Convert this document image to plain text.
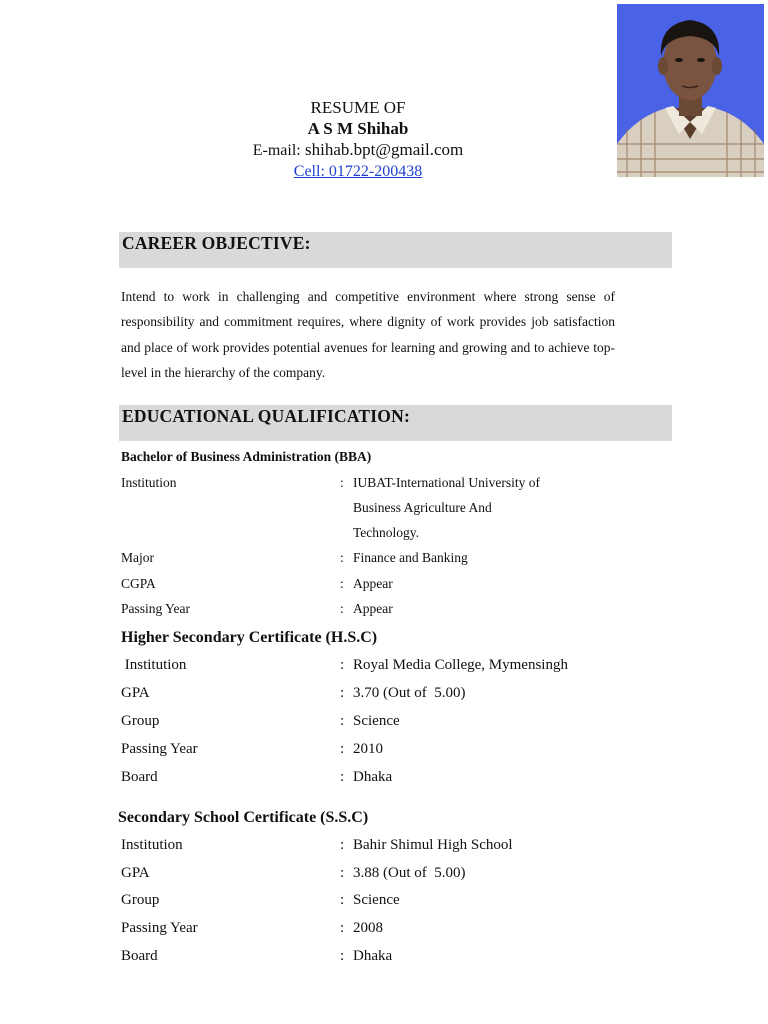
RESUME OF
A S M Shihab
E-mail: shihab.bpt@gmail.com
Cell: 01722-200438
CAREER OBJECTIVE:
Intend to work in challenging and competitive environment where strong sense of responsibility and commitment requires, where dignity of work provides job satisfaction and place of work provides potential avenues for learning and growing and to achieve top-level in the hierarchy of the company.
EDUCATIONAL QUALIFICATION:
Bachelor of Business Administration (BBA)
Institution	: IUBAT-International University of
Business Agriculture And
Technology.
Major	: Finance and Banking
CGPA	: Appear
Passing Year	: Appear
Higher Secondary Certificate (H.S.C)
Institution	: Royal Media College, Mymensingh
GPA	: 3.70 (Out of  5.00)
Group	: Science
Passing Year	: 2010
Board	: Dhaka
Secondary School Certificate (S.S.C)
Institution	: Bahir Shimul High School
GPA	: 3.88 (Out of  5.00)
Group	: Science
Passing Year	: 2008
Board	: Dhaka
